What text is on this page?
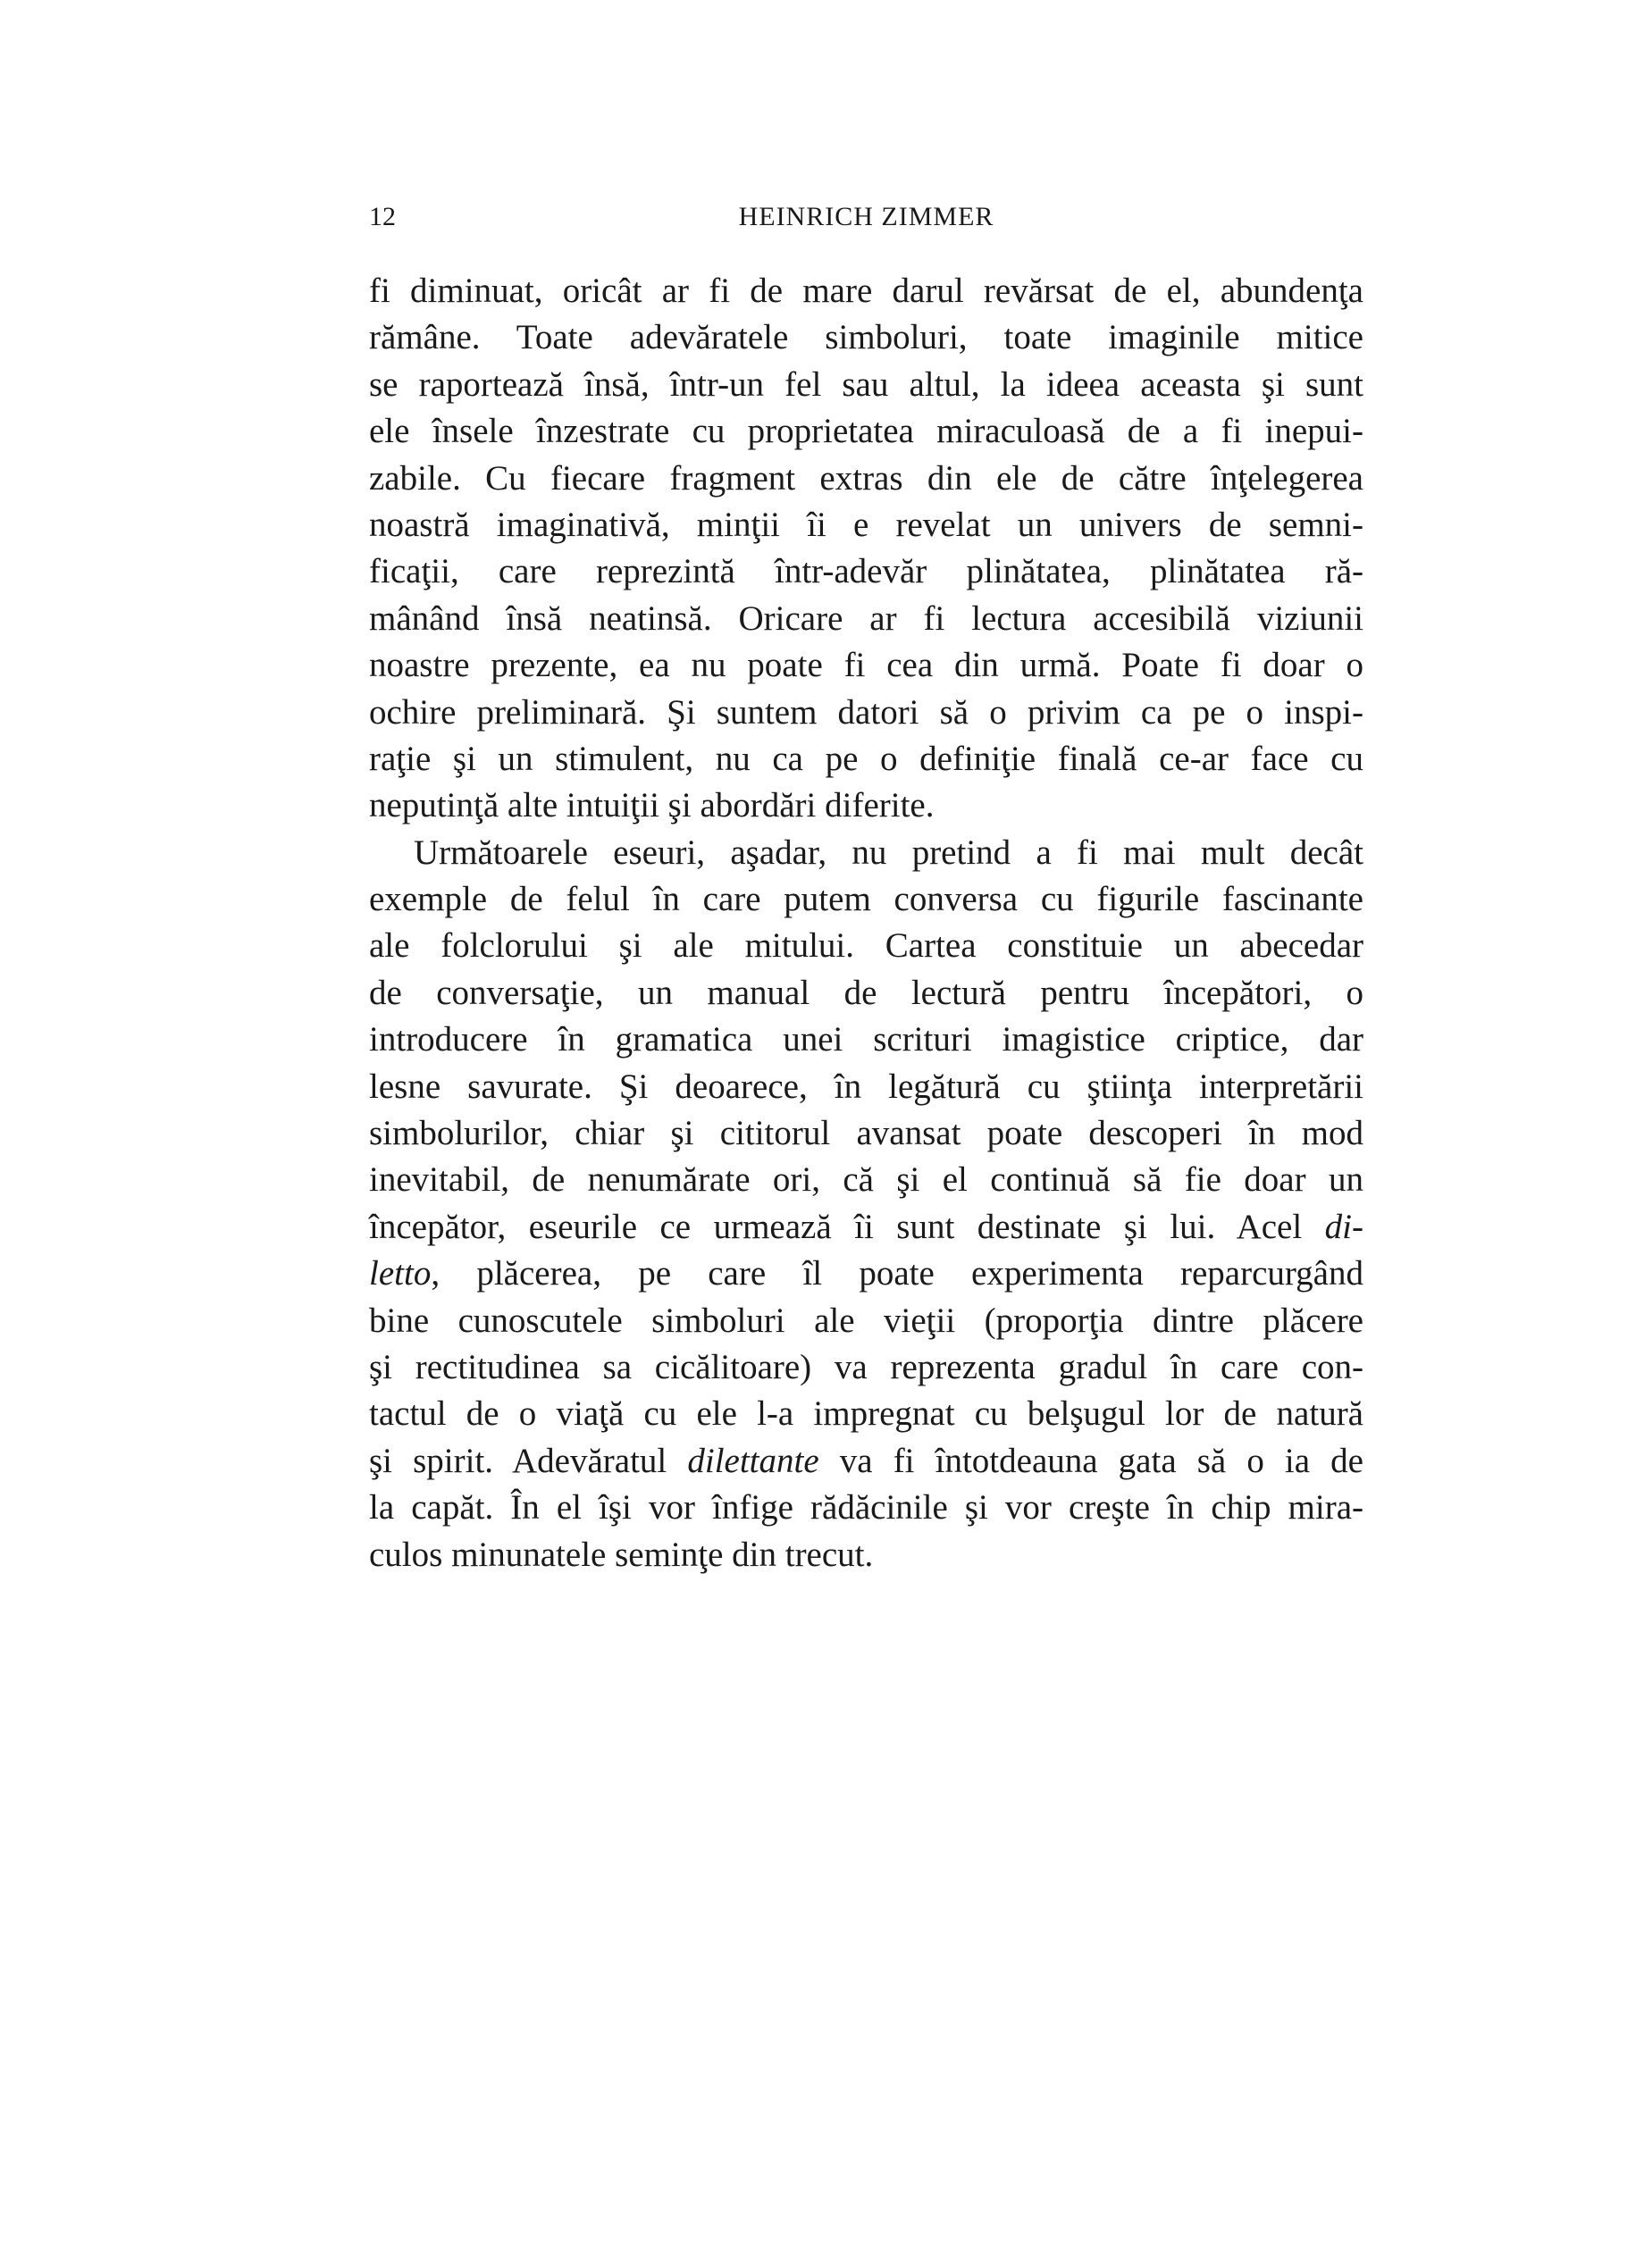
12	HEINRICH ZIMMER
fi diminuat, oricât ar fi de mare darul revărsat de el, abundenţa
rămâne. Toate adevăratele simboluri, toate imaginile mitice
se raportează însă, într-un fel sau altul, la ideea aceasta şi sunt
ele însele înzestrate cu proprietatea miraculoasă de a fi inepui-
zabile. Cu fiecare fragment extras din ele de către înţelegerea
noastră imaginativă, minţii îi e revelat un univers de semni-
ficaţii, care reprezintă într-adevăr plinătatea, plinătatea ră-
mânând însă neatinsă. Oricare ar fi lectura accesibilă viziunii
noastre prezente, ea nu poate fi cea din urmă. Poate fi doar o
ochire preliminară. Şi suntem datori să o privim ca pe o inspi-
raţie şi un stimulent, nu ca pe o definiţie finală ce-ar face cu
neputinţă alte intuiţii şi abordări diferite.
Următoarele eseuri, aşadar, nu pretind a fi mai mult decât
exemple de felul în care putem conversa cu figurile fascinante
ale folclorului şi ale mitului. Cartea constituie un abecedar
de conversaţie, un manual de lectură pentru începători, o
introducere în gramatica unei scrituri imagistice criptice, dar
lesne savurate. Şi deoarece, în legătură cu ştiinţa interpretării
simbolurilor, chiar şi cititorul avansat poate descoperi în mod
inevitabil, de nenumărate ori, că şi el continuă să fie doar un
începător, eseurile ce urmează îi sunt destinate şi lui. Acel di-
letto, plăcerea, pe care îl poate experimenta reparcurgând
bine cunoscutele simboluri ale vieţii (proporţia dintre plăcere
şi rectitudinea sa cicălitoare) va reprezenta gradul în care con-
tactul de o viaţă cu ele l-a impregnat cu belşugul lor de natură
şi spirit. Adevăratul dilettante va fi întotdeauna gata să o ia de
la capăt. În el îşi vor înfige rădăcinile şi vor creşte în chip mira-
culos minunatele seminţe din trecut.
